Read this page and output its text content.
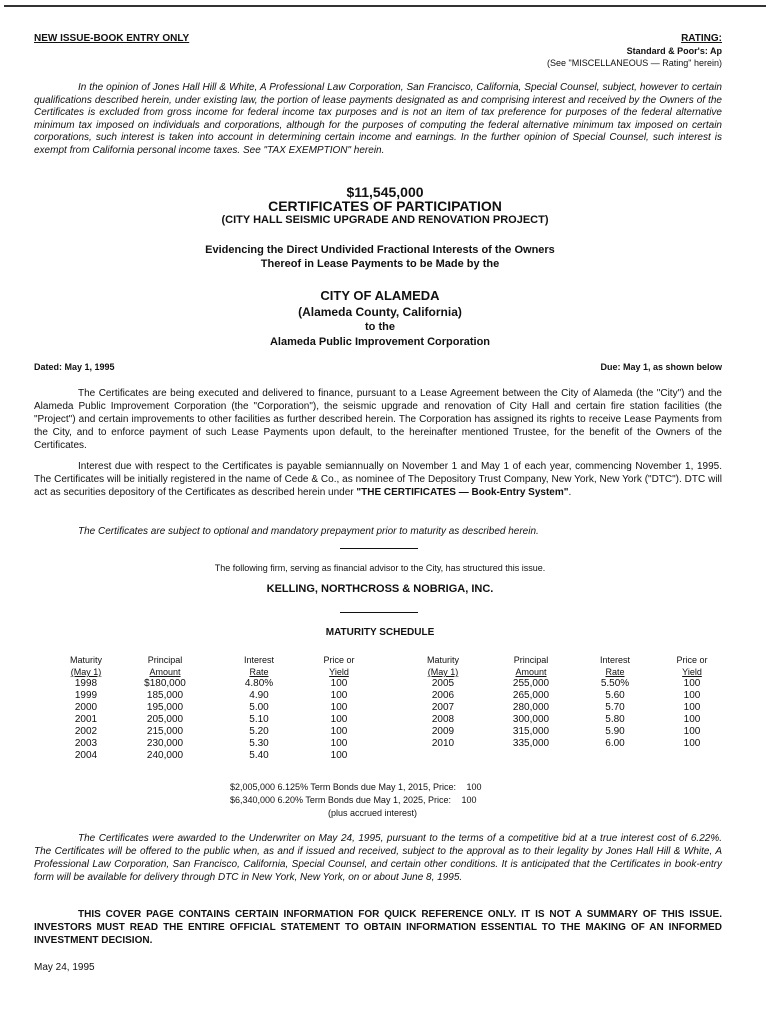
NEW ISSUE-BOOK ENTRY ONLY	RATING:
Standard & Poor's: Ap
(See "MISCELLANEOUS — Rating" herein)

In the opinion of Jones Hall Hill & White, A Professional Law Corporation, San Francisco, California, Special Counsel, subject, however to certain qualifications described herein, under existing law, the portion of lease payments designated as and comprising interest and received by the Owners of the Certificates is excluded from gross income for federal income tax purposes and is not an item of tax preference for purposes of the federal alternative minimum tax imposed on individuals and corporations, although for the purposes of computing the federal alternative minimum tax imposed on certain corporations, such interest is taken into account in determining certain income and earnings. In the further opinion of Special Counsel, such interest is exempt from California personal income taxes. See "TAX EXEMPTION" herein.

$11,545,000
CERTIFICATES OF PARTICIPATION
(CITY HALL SEISMIC UPGRADE AND RENOVATION PROJECT)
Evidencing the Direct Undivided Fractional Interests of the Owners
Thereof in Lease Payments to be Made by the
CITY OF ALAMEDA
(Alameda County, California)
to the
Alameda Public Improvement Corporation
Dated: May 1, 1995	Due: May 1, as shown below

The Certificates are being executed and delivered to finance, pursuant to a Lease Agreement between the City of Alameda (the "City") and the Alameda Public Improvement Corporation (the "Corporation"), the seismic upgrade and renovation of City Hall and certain fire station facilities (the "Project") and certain improvements to other facilities as further described herein. The Corporation has assigned its rights to receive Lease Payments from the City, and to enforce payment of such Lease Payments upon default, to the hereinafter mentioned Trustee, for the benefit of the Owners of the Certificates.

Interest due with respect to the Certificates is payable semiannually on November 1 and May 1 of each year, commencing November 1, 1995. The Certificates will be initially registered in the name of Cede & Co., as nominee of The Depository Trust Company, New York, New York ("DTC"). DTC will act as securities depository of the Certificates as described herein under "THE CERTIFICATES — Book-Entry System".

The Certificates are subject to optional and mandatory prepayment prior to maturity as described herein.

The following firm, serving as financial advisor to the City, has structured this issue.
KELLING, NORTHCROSS & NOBRIGA, INC.
MATURITY SCHEDULE
Maturity	Principal	Interest	Price or
(May 1)	Amount	Rate	Yield
1998	$180,000	4.80%	100
1999	185,000	4.90	100
2000	195,000	5.00	100
2001	205,000	5.10	100
2002	215,000	5.20	100
2003	230,000	5.30	100
2004	240,000	5.40	100
Maturity	Principal	Interest	Price or
(May 1)	Amount	Rate	Yield
2005	255,000	5.50%	100
2006	265,000	5.60	100
2007	280,000	5.70	100
2008	300,000	5.80	100
2009	315,000	5.90	100
2010	335,000	6.00	100
$2,005,000 6.125% Term Bonds due May 1, 2015, Price: 100
$6,340,000 6.20% Term Bonds due May 1, 2025, Price: 100
(plus accrued interest)

The Certificates were awarded to the Underwriter on May 24, 1995, pursuant to the terms of a competitive bid at a true interest cost of 6.22%. The Certificates will be offered to the public when, as and if issued and received, subject to the approval as to their legality by Jones Hall Hill & White, A Professional Law Corporation, San Francisco, California, Special Counsel, and certain other conditions. It is anticipated that the Certificates in book-entry form will be available for delivery through DTC in New York, New York, on or about June 8, 1995.

THIS COVER PAGE CONTAINS CERTAIN INFORMATION FOR QUICK REFERENCE ONLY. IT IS NOT A SUMMARY OF THIS ISSUE. INVESTORS MUST READ THE ENTIRE OFFICIAL STATEMENT TO OBTAIN INFORMATION ESSENTIAL TO THE MAKING OF AN INFORMED INVESTMENT DECISION.

May 24, 1995
